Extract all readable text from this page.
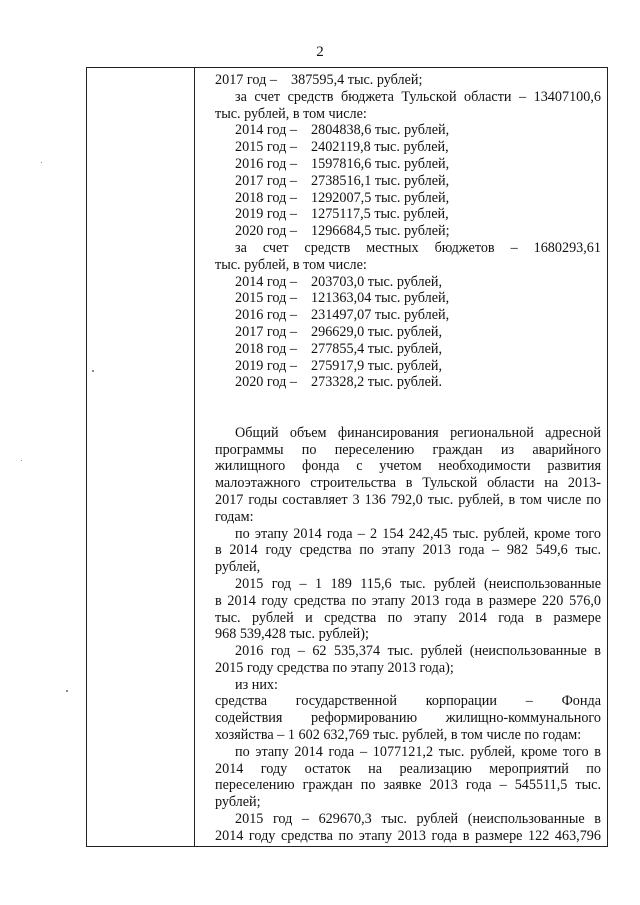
2
2017 год – 387595,4 тыс. рублей;
за счет средств бюджета Тульской области – 13407100,6
тыс. рублей, в том числе:
2014 год – 2804838,6 тыс. рублей,
2015 год – 2402119,8 тыс. рублей,
2016 год – 1597816,6 тыс. рублей,
2017 год – 2738516,1 тыс. рублей,
2018 год – 1292007,5 тыс. рублей,
2019 год – 1275117,5 тыс. рублей,
2020 год – 1296684,5 тыс. рублей;
за счет средств местных бюджетов – 1680293,61
тыс. рублей, в том числе:
2014 год – 203703,0 тыс. рублей,
2015 год – 121363,04 тыс. рублей,
2016 год – 231497,07 тыс. рублей,
2017 год – 296629,0 тыс. рублей,
2018 год – 277855,4 тыс. рублей,
2019 год – 275917,9 тыс. рублей,
2020 год – 273328,2 тыс. рублей.
Общий объем финансирования региональной адресной
программы по переселению граждан из аварийного
жилищного фонда с учетом необходимости развития
малоэтажного строительства в Тульской области на 2013-
2017 годы составляет 3 136 792,0 тыс. рублей, в том числе по
годам:
по этапу 2014 года – 2 154 242,45 тыс. рублей, кроме того
в 2014 году средства по этапу 2013 года – 982 549,6 тыс.
рублей,
2015 год – 1 189 115,6 тыс. рублей (неиспользованные
в 2014 году средства по этапу 2013 года в размере 220 576,0
тыс. рублей и средства по этапу 2014 года в размере
968 539,428 тыс. рублей);
2016 год – 62 535,374 тыс. рублей (неиспользованные в
2015 году средства по этапу 2013 года);
из них:
средства государственной корпорации – Фонда
содействия реформированию жилищно-коммунального
хозяйства – 1 602 632,769 тыс. рублей, в том числе по годам:
по этапу 2014 года – 1077121,2 тыс. рублей, кроме того в
2014 году остаток на реализацию мероприятий по
переселению граждан по заявке 2013 года – 545511,5 тыс.
рублей;
2015 год – 629670,3 тыс. рублей (неиспользованные в
2014 году средства по этапу 2013 года в размере 122 463,796
